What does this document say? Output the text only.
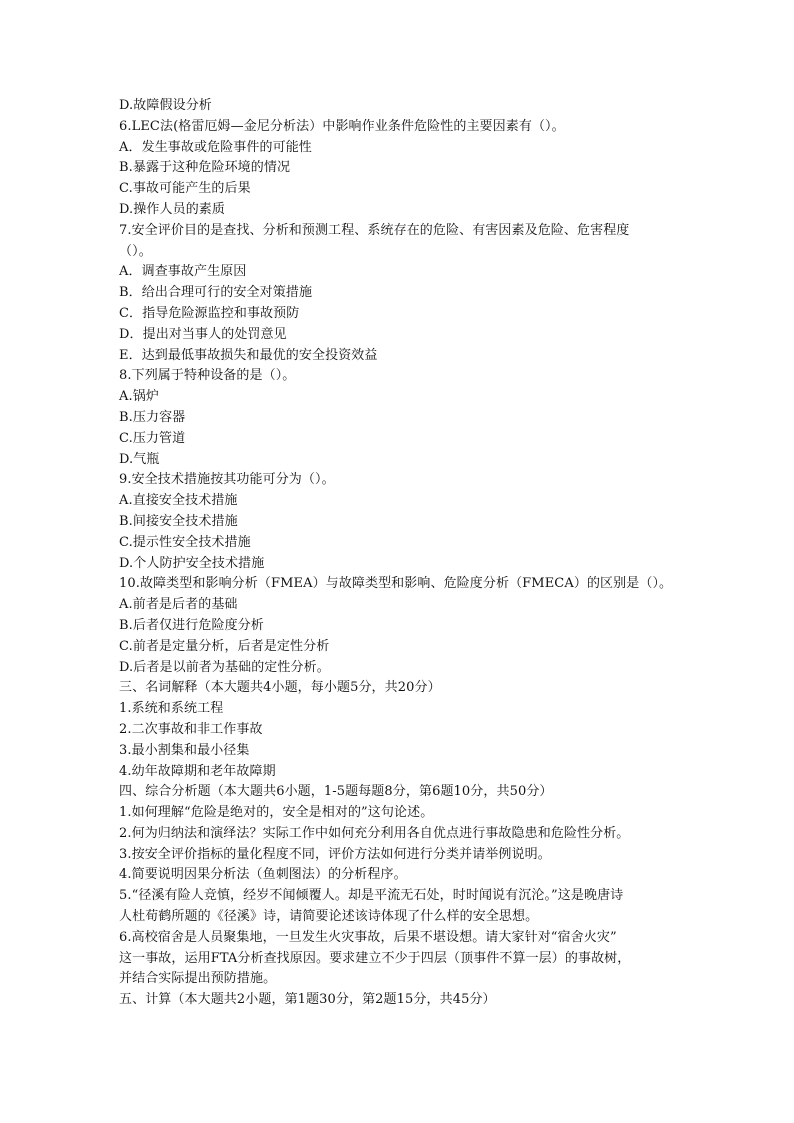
D.故障假设分析
6.LEC法(格雷厄姆—金尼分析法）中影响作业条件危险性的主要因素有（）。
A．发生事故或危险事件的可能性
B.暴露于这种危险环境的情况
C.事故可能产生的后果
D.操作人员的素质
7.安全评价目的是查找、分析和预测工程、系统存在的危险、有害因素及危险、危害程度
（）。
A．调查事故产生原因
B．给出合理可行的安全对策措施
C．指导危险源监控和事故预防
D．提出对当事人的处罚意见
E．达到最低事故损失和最优的安全投资效益
8.下列属于特种设备的是（）。
A.锅炉
B.压力容器
C.压力管道
D.气瓶
9.安全技术措施按其功能可分为（）。
A.直接安全技术措施
B.间接安全技术措施
C.提示性安全技术措施
D.个人防护安全技术措施
10.故障类型和影响分析（FMEA）与故障类型和影响、危险度分析（FMECA）的区别是（）。
A.前者是后者的基础
B.后者仅进行危险度分析
C.前者是定量分析，后者是定性分析
D.后者是以前者为基础的定性分析。
三、名词解释（本大题共4小题，每小题5分，共20分）
1.系统和系统工程
2.二次事故和非工作事故
3.最小割集和最小径集
4.幼年故障期和老年故障期
四、综合分析题（本大题共6小题，1-5题每题8分，第6题10分，共50分）
1.如何理解“危险是绝对的，安全是相对的”这句论述。
2.何为归纳法和演绎法？实际工作中如何充分利用各自优点进行事故隐患和危险性分析。
3.按安全评价指标的量化程度不同，评价方法如何进行分类并请举例说明。
4.简要说明因果分析法（鱼刺图法）的分析程序。
5.“径溪有险人竞慎，经岁不闻倾覆人。却是平流无石处，时时闻说有沉沦。”这是晚唐诗
人杜荀鹤所题的《径溪》诗，请简要论述该诗体现了什么样的安全思想。
6.高校宿舍是人员聚集地，一旦发生火灾事故，后果不堪设想。请大家针对“宿舍火灾”
这一事故，运用FTA分析查找原因。要求建立不少于四层（顶事件不算一层）的事故树，
并结合实际提出预防措施。
五、计算（本大题共2小题，第1题30分，第2题15分，共45分）
